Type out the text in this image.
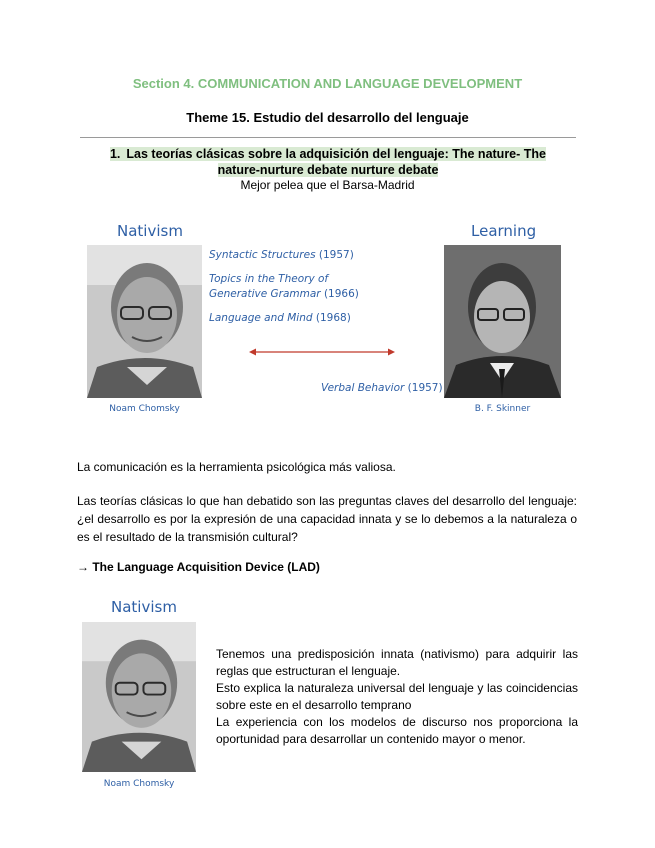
Section 4. COMMUNICATION AND LANGUAGE DEVELOPMENT
Theme 15. Estudio del desarrollo del lenguaje
1. Las teorías clásicas sobre la adquisición del lenguaje: The nature- The
nature-nurture debate nurture debate
Mejor pelea que el Barsa-Madrid
Nativism	Learning
Noam Chomsky	B. F. Skinner
Syntactic Structures (1957)
Topics in the Theory of
Generative Grammar (1966)
Language and Mind (1968)
Verbal Behavior (1957)
La comunicación es la herramienta psicológica más valiosa.
Las teorías clásicas lo que han debatido son las preguntas claves del desarrollo del lenguaje: ¿el desarrollo es por la expresión de una capacidad innata y se lo debemos a la naturaleza o es el resultado de la transmisión cultural?
→ The Language Acquisition Device (LAD)
Nativism
Noam Chomsky
Tenemos una predisposición innata (nativismo) para adquirir las reglas que estructuran el lenguaje.
Esto explica la naturaleza universal del lenguaje y las coincidencias sobre este en el desarrollo temprano
La experiencia con los modelos de discurso nos proporciona la oportunidad para desarrollar un contenido mayor o menor.
